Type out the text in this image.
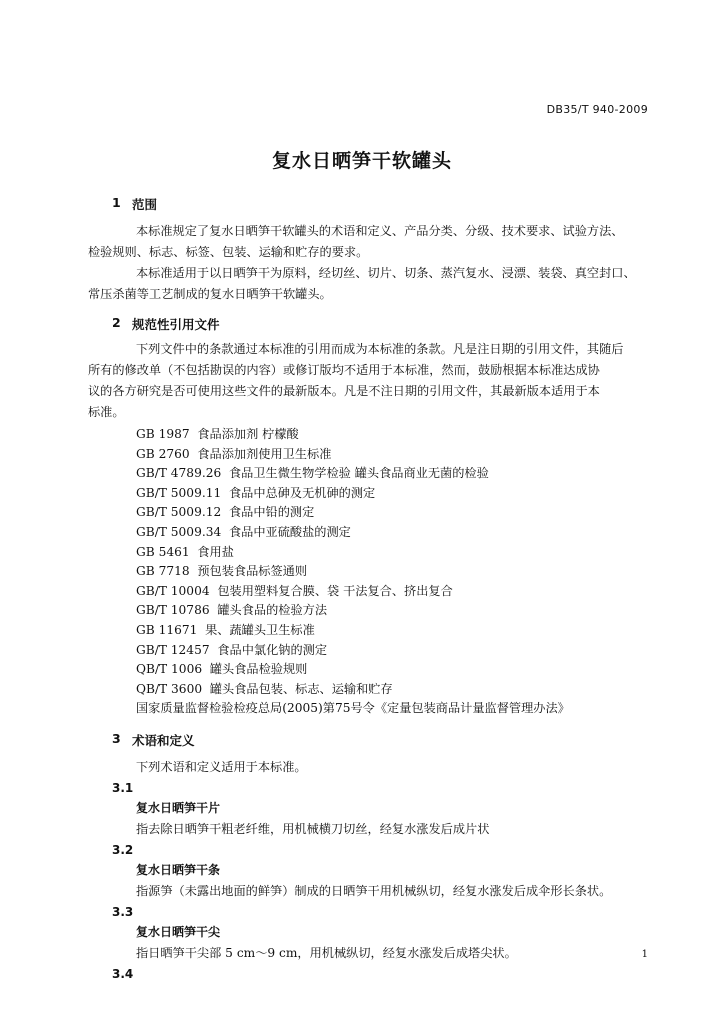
DB35/T 940-2009
复水日晒笋干软罐头
1 范围
本标准规定了复水日晒笋干软罐头的术语和定义、产品分类、分级、技术要求、试验方法、
检验规则、标志、标签、包装、运输和贮存的要求。
本标准适用于以日晒笋干为原料，经切丝、切片、切条、蒸汽复水、浸漂、装袋、真空封口、
常压杀菌等工艺制成的复水日晒笋干软罐头。
2 规范性引用文件
下列文件中的条款通过本标准的引用而成为本标准的条款。凡是注日期的引用文件，其随后
所有的修改单（不包括勘误的内容）或修订版均不适用于本标准，然而，鼓励根据本标准达成协
议的各方研究是否可使用这些文件的最新版本。凡是不注日期的引用文件，其最新版本适用于本
标准。
GB 1987  食品添加剂 柠檬酸
GB 2760  食品添加剂使用卫生标准
GB/T 4789.26  食品卫生微生物学检验 罐头食品商业无菌的检验
GB/T 5009.11  食品中总砷及无机砷的测定
GB/T 5009.12  食品中铅的测定
GB/T 5009.34  食品中亚硫酸盐的测定
GB 5461  食用盐
GB 7718  预包装食品标签通则
GB/T 10004  包装用塑料复合膜、袋 干法复合、挤出复合
GB/T 10786  罐头食品的检验方法
GB 11671  果、蔬罐头卫生标准
GB/T 12457  食品中氯化钠的测定
QB/T 1006  罐头食品检验规则
QB/T 3600  罐头食品包装、标志、运输和贮存
国家质量监督检验检疫总局(2005)第75号令《定量包装商品计量监督管理办法》
3 术语和定义
下列术语和定义适用于本标准。
3.1
复水日晒笋干片
指去除日晒笋干粗老纤维，用机械横刀切丝，经复水涨发后成片状
3.2
复水日晒笋干条
指源笋（未露出地面的鲜笋）制成的日晒笋干用机械纵切，经复水涨发后成伞形长条状。
3.3
复水日晒笋干尖
指日晒笋干尖部 5 cm～9 cm，用机械纵切，经复水涨发后成塔尖状。
3.4
1
